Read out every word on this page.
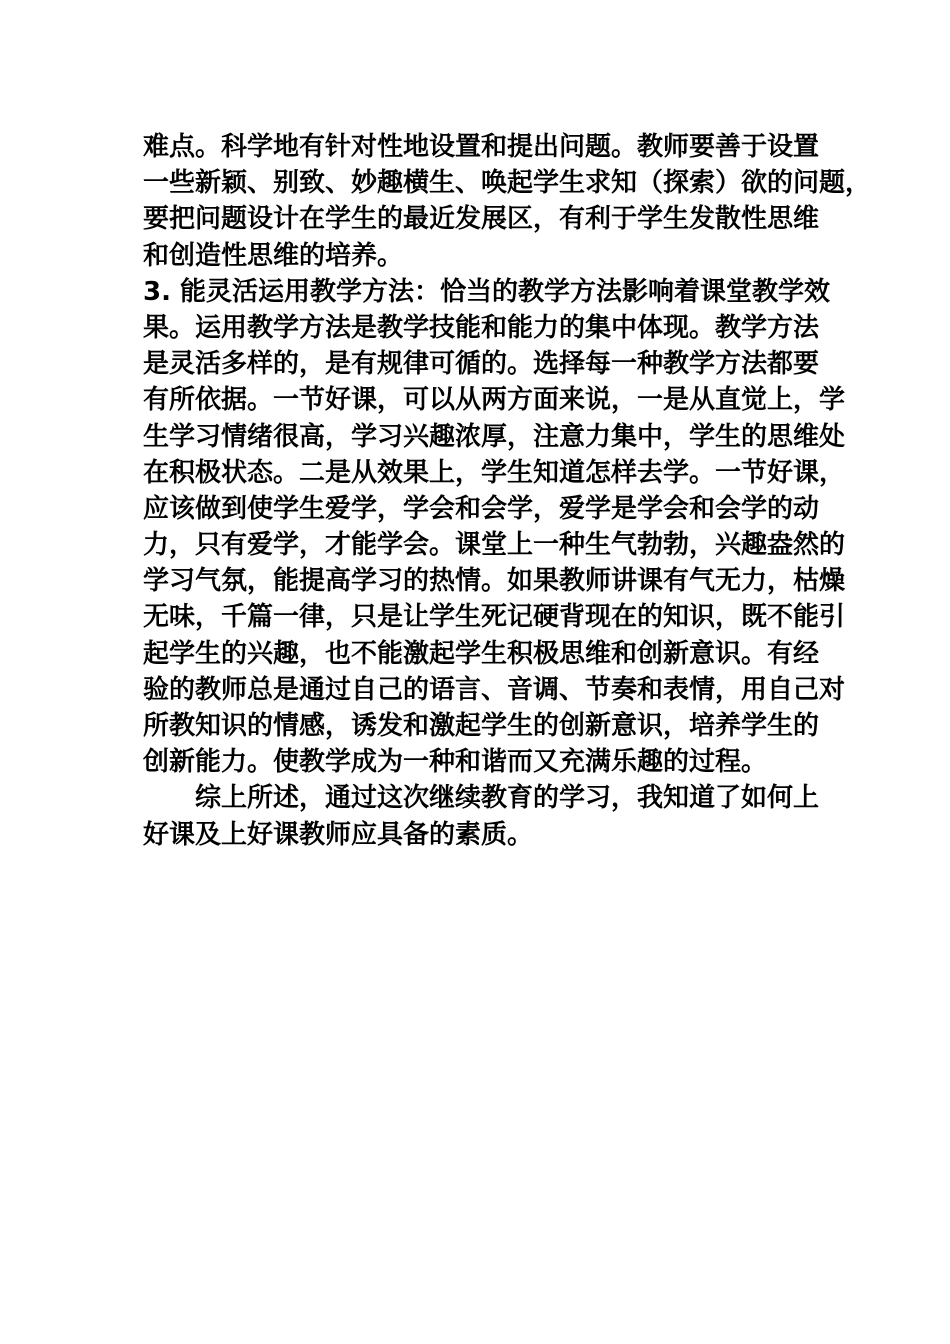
难点。科学地有针对性地设置和提出问题。教师要善于设置
一些新颖、别致、妙趣横生、唤起学生求知（探索）欲的问题，
要把问题设计在学生的最近发展区，有利于学生发散性思维
和创造性思维的培养。
3. 能灵活运用教学方法：恰当的教学方法影响着课堂教学效
果。运用教学方法是教学技能和能力的集中体现。教学方法
是灵活多样的，是有规律可循的。选择每一种教学方法都要
有所依据。一节好课，可以从两方面来说，一是从直觉上，学
生学习情绪很高，学习兴趣浓厚，注意力集中，学生的思维处
在积极状态。二是从效果上，学生知道怎样去学。一节好课，
应该做到使学生爱学，学会和会学，爱学是学会和会学的动
力，只有爱学，才能学会。课堂上一种生气勃勃，兴趣盎然的
学习气氛，能提高学习的热情。如果教师讲课有气无力，枯燥
无味，千篇一律，只是让学生死记硬背现在的知识，既不能引
起学生的兴趣，也不能激起学生积极思维和创新意识。有经
验的教师总是通过自己的语言、音调、节奏和表情，用自己对
所教知识的情感，诱发和激起学生的创新意识，培养学生的
创新能力。使教学成为一种和谐而又充满乐趣的过程。
综上所述，通过这次继续教育的学习，我知道了如何上
好课及上好课教师应具备的素质。
